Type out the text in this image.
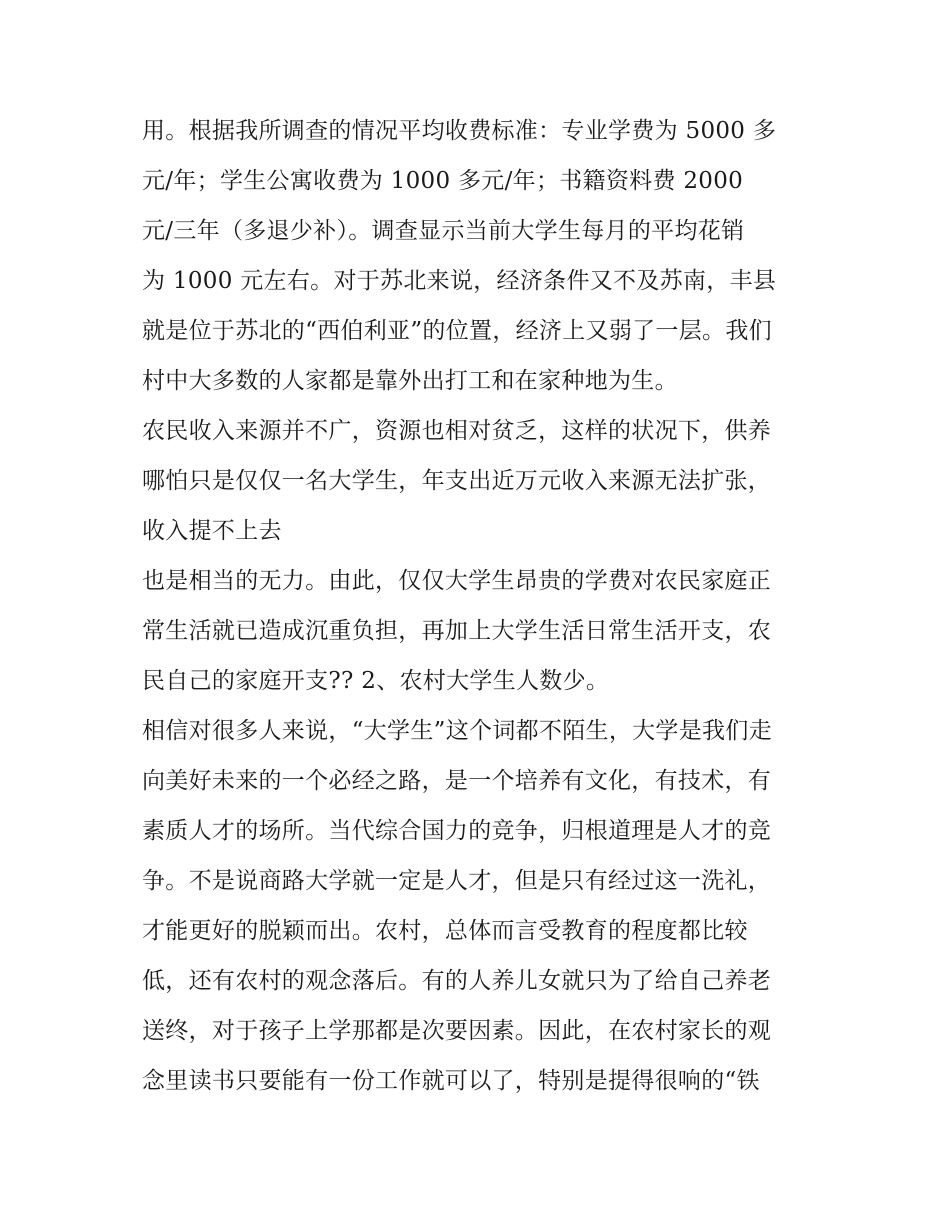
用。根据我所调查的情况平均收费标准：专业学费为 5000 多
元/年；学生公寓收费为 1000 多元/年；书籍资料费 2000
元/三年（多退少补）。调查显示当前大学生每月的平均花销
为 1000 元左右。对于苏北来说，经济条件又不及苏南，丰县
就是位于苏北的“西伯利亚”的位置，经济上又弱了一层。我们
村中大多数的人家都是靠外出打工和在家种地为生。
农民收入来源并不广，资源也相对贫乏，这样的状况下，供养
哪怕只是仅仅一名大学生，年支出近万元收入来源无法扩张，
收入提不上去
也是相当的无力。由此，仅仅大学生昂贵的学费对农民家庭正
常生活就已造成沉重负担，再加上大学生活日常生活开支，农
民自己的家庭开支?? 2、农村大学生人数少。
相信对很多人来说，“大学生”这个词都不陌生，大学是我们走
向美好未来的一个必经之路，是一个培养有文化，有技术，有
素质人才的场所。当代综合国力的竞争，归根道理是人才的竞
争。不是说商路大学就一定是人才，但是只有经过这一洗礼，
才能更好的脱颖而出。农村，总体而言受教育的程度都比较
低，还有农村的观念落后。有的人养儿女就只为了给自己养老
送终，对于孩子上学那都是次要因素。因此，在农村家长的观
念里读书只要能有一份工作就可以了，特别是提得很响的“铁
